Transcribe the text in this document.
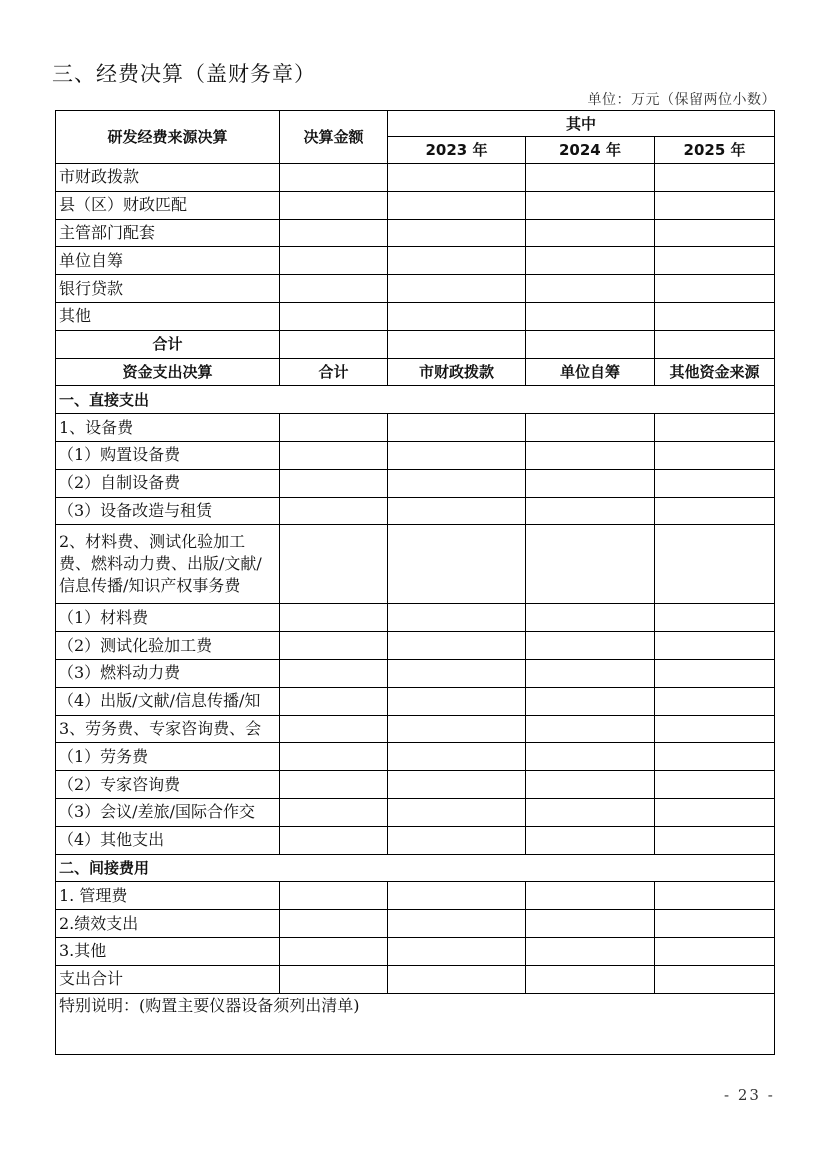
三、经费决算（盖财务章）
单位：万元（保留两位小数）
研发经费来源决算	决算金额	其中		
		2023 年	2024 年	2025 年
市财政拨款				
县（区）财政匹配				
主管部门配套				
单位自筹				
银行贷款				
其他				
合计				
资金支出决算	合计	市财政拨款	单位自筹	其他资金来源
一、直接支出				
1、设备费				
（1）购置设备费				
（2）自制设备费				
（3）设备改造与租赁				
2、材料费、测试化验加工费、燃料动力费、出版/文献/信息传播/知识产权事务费				
（1）材料费				
（2）测试化验加工费				
（3）燃料动力费				
（4）出版/文献/信息传播/知				
3、劳务费、专家咨询费、会				
（1）劳务费				
（2）专家咨询费				
（3）会议/差旅/国际合作交				
（4）其他支出				
二、间接费用				
1. 管理费				
2.绩效支出				
3.其他				
支出合计				
特别说明：(购置主要仪器设备须列出清单)				
- 23 -
